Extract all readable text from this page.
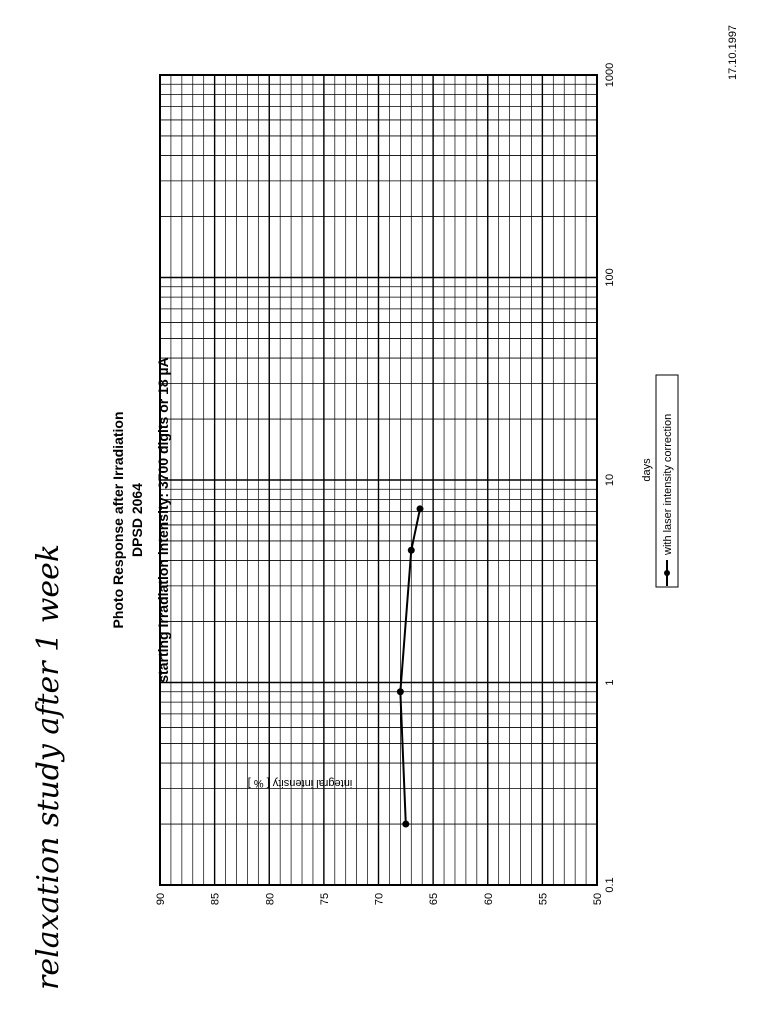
17.10.1997
relaxation study after 1 week	0.1
1
10
100
1000
90	85	80	75	70	65	60	55	50
Photo Response after Irradiation DPSD 2064 starting Irradiation intensity: 3700 digits or 18 µA	days
integral intensity [ % ]
with laser intensity correction
